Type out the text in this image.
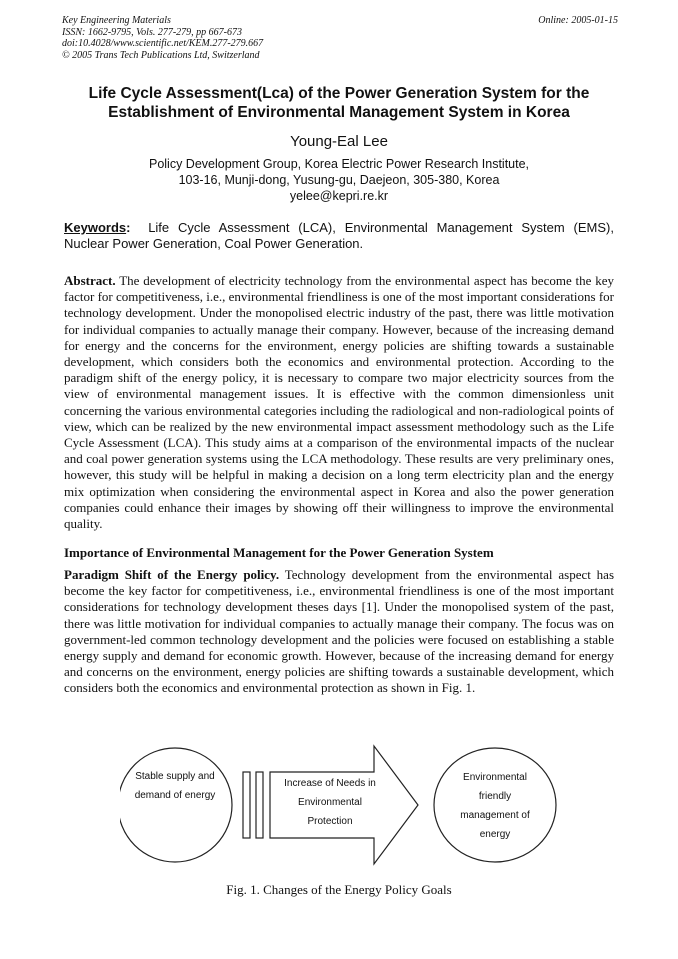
Key Engineering Materials
ISSN: 1662-9795, Vols. 277-279, pp 667-673
doi:10.4028/www.scientific.net/KEM.277-279.667
© 2005 Trans Tech Publications Ltd, Switzerland
Online: 2005-01-15
Life Cycle Assessment(Lca) of the Power Generation System for the Establishment of Environmental Management System in Korea
Young-Eal Lee
Policy Development Group, Korea Electric Power Research Institute,
103-16, Munji-dong, Yusung-gu, Daejeon, 305-380, Korea
yelee@kepri.re.kr
Keywords: Life Cycle Assessment (LCA), Environmental Management System (EMS), Nuclear Power Generation, Coal Power Generation.
Abstract. The development of electricity technology from the environmental aspect has become the key factor for competitiveness, i.e., environmental friendliness is one of the most important considerations for technology development. Under the monopolised electric industry of the past, there was little motivation for individual companies to actually manage their company. However, because of the increasing demand for energy and the concerns for the environment, energy policies are shifting towards a sustainable development, which considers both the economics and environmental protection. According to the paradigm shift of the energy policy, it is necessary to compare two major electricity sources from the view of environmental management issues. It is effective with the common dimensionless unit concerning the various environmental categories including the radiological and non-radiological points of view, which can be realized by the new environmental impact assessment methodology such as the Life Cycle Assessment (LCA). This study aims at a comparison of the environmental impacts of the nuclear and coal power generation systems using the LCA methodology. These results are very preliminary ones, however, this study will be helpful in making a decision on a long term electricity plan and the energy mix optimization when considering the environmental aspect in Korea and also the power generation companies could enhance their images by showing off their willingness to improve the environmental quality.
Importance of Environmental Management for the Power Generation System
Paradigm Shift of the Energy policy. Technology development from the environmental aspect has become the key factor for competitiveness, i.e., environmental friendliness is one of the most important considerations for technology development theses days [1]. Under the monopolised system of the past, there was little motivation for individual companies to actually manage their company. The focus was on government-led common technology development and the policies were focused on establishing a stable energy supply and demand for economic growth. However, because of the increasing demand for energy and concerns on the environment, energy policies are shifting towards a sustainable development, which considers both the economics and environmental protection as shown in Fig. 1.
Stable supply and demand of energy
Increase of Needs in Environmental Protection
Environmental friendly management of energy
Fig. 1. Changes of the Energy Policy Goals
